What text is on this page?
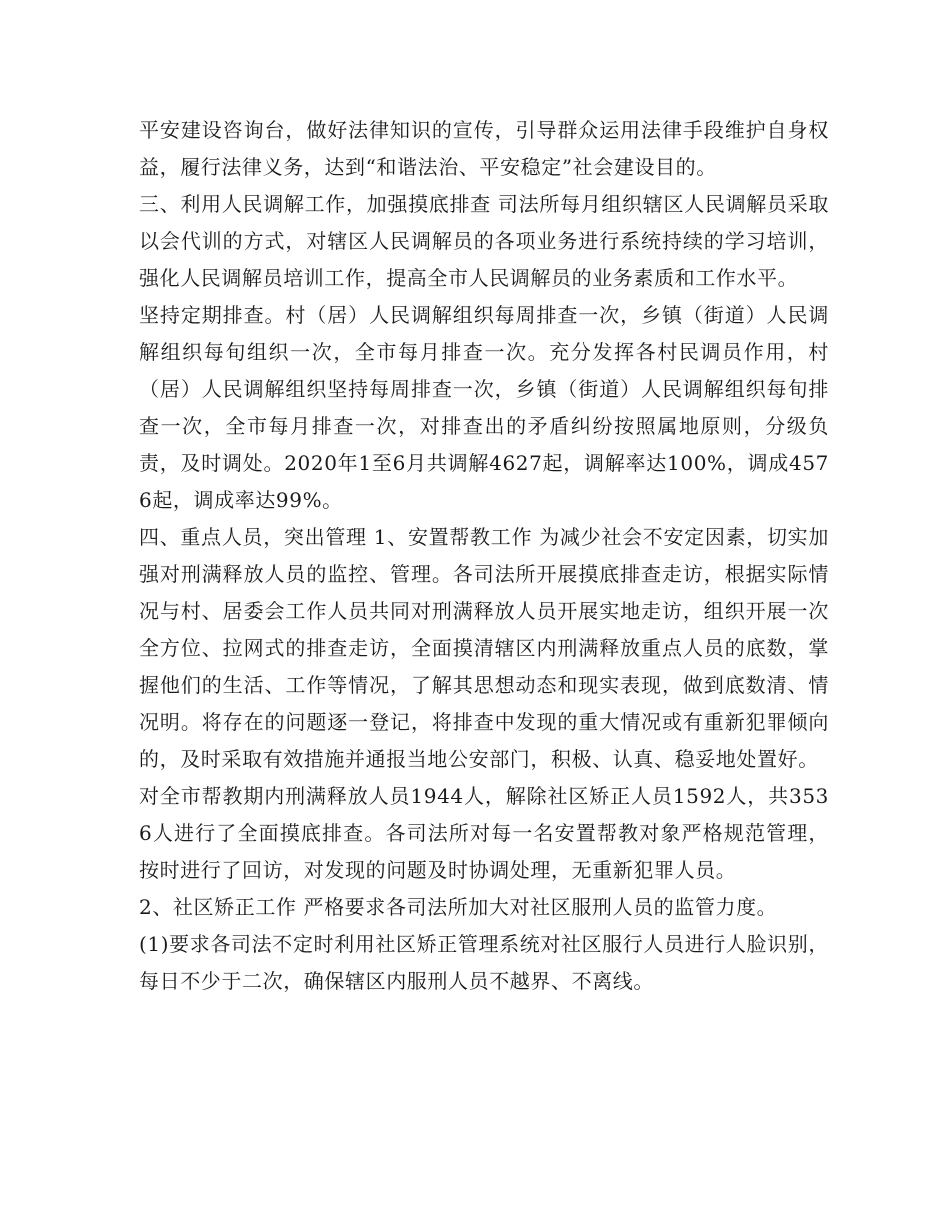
平安建设咨询台，做好法律知识的宣传，引导群众运用法律手段维护自身权益，履行法律义务，达到“和谐法治、平安稳定”社会建设目的。

三、利用人民调解工作，加强摸底排查 司法所每月组织辖区人民调解员采取以会代训的方式，对辖区人民调解员的各项业务进行系统持续的学习培训，强化人民调解员培训工作，提高全市人民调解员的业务素质和工作水平。

坚持定期排查。村（居）人民调解组织每周排查一次，乡镇（街道）人民调解组织每旬组织一次，全市每月排查一次。充分发挥各村民调员作用，村（居）人民调解组织坚持每周排查一次，乡镇（街道）人民调解组织每旬排查一次，全市每月排查一次，对排查出的矛盾纠纷按照属地原则，分级负责，及时调处。2020年1至6月共调解4627起，调解率达100%，调成4576起，调成率达99%。

四、重点人员，突出管理 1、安置帮教工作 为减少社会不安定因素，切实加强对刑满释放人员的监控、管理。各司法所开展摸底排查走访，根据实际情况与村、居委会工作人员共同对刑满释放人员开展实地走访，组织开展一次全方位、拉网式的排查走访，全面摸清辖区内刑满释放重点人员的底数，掌握他们的生活、工作等情况，了解其思想动态和现实表现，做到底数清、情况明。将存在的问题逐一登记，将排查中发现的重大情况或有重新犯罪倾向的，及时采取有效措施并通报当地公安部门，积极、认真、稳妥地处置好。

对全市帮教期内刑满释放人员1944人，解除社区矫正人员1592人，共3536人进行了全面摸底排查。各司法所对每一名安置帮教对象严格规范管理，按时进行了回访，对发现的问题及时协调处理，无重新犯罪人员。

2、社区矫正工作 严格要求各司法所加大对社区服刑人员的监管力度。

(1)要求各司法不定时利用社区矫正管理系统对社区服行人员进行人脸识别，每日不少于二次，确保辖区内服刑人员不越界、不离线。
